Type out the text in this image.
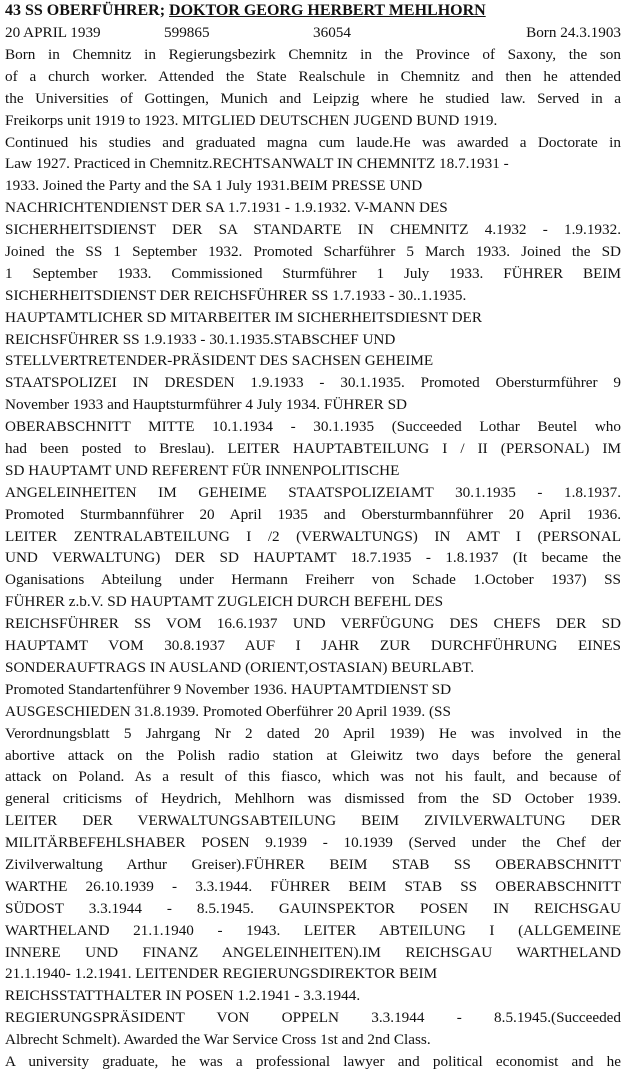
43 SS OBERFÜHRER; DOKTOR GEORG HERBERT MEHLHORN
20 APRIL 1939	599865	36054	Born 24.3.1903
Born in Chemnitz in Regierungsbezirk Chemnitz in the Province of Saxony, the son
of a church worker. Attended the State Realschule in Chemnitz and then he attended
the Universities of Gottingen, Munich and Leipzig where he studied law. Served in a
Freikorps unit 1919 to 1923. MITGLIED DEUTSCHEN JUGEND BUND 1919.
Continued his studies and graduated magna cum laude.He was awarded a Doctorate in
Law 1927. Practiced in Chemnitz.RECHTSANWALT IN CHEMNITZ 18.7.1931 -
1933. Joined the Party and the SA 1 July 1931.BEIM PRESSE UND
NACHRICHTENDIENST DER SA 1.7.1931 - 1.9.1932. V-MANN DES
SICHERHEITSDIENST DER SA STANDARTE IN CHEMNITZ 4.1932 - 1.9.1932.
Joined the SS 1 September 1932. Promoted Scharführer 5 March 1933. Joined the SD
1 September 1933. Commissioned Sturmführer 1 July 1933. FÜHRER BEIM
SICHERHEITSDIENST DER REICHSFÜHRER SS 1.7.1933 - 30..1.1935.
HAUPTAMTLICHER SD MITARBEITER IM SICHERHEITSDIESNT DER
REICHSFÜHRER SS 1.9.1933 - 30.1.1935.STABSCHEF UND
STELLVERTRETENDER-PRÄSIDENT DES SACHSEN GEHEIME
STAATSPOLIZEI IN DRESDEN 1.9.1933 - 30.1.1935. Promoted Obersturmführer 9
November 1933 and Hauptsturmführer 4 July 1934. FÜHRER SD
OBERABSCHNITT MITTE 10.1.1934 - 30.1.1935 (Succeeded Lothar Beutel who
had been posted to Breslau). LEITER HAUPTABTEILUNG I / II (PERSONAL) IM
SD HAUPTAMT UND REFERENT FÜR INNENPOLITISCHE
ANGELEINHEITEN IM GEHEIME STAATSPOLIZEIAMT 30.1.1935 - 1.8.1937.
Promoted Sturmbannführer 20 April 1935 and Obersturmbannführer 20 April 1936.
LEITER ZENTRALABTEILUNG I /2 (VERWALTUNGS) IN AMT I (PERSONAL
UND VERWALTUNG) DER SD HAUPTAMT 18.7.1935 - 1.8.1937 (It became the
Oganisations Abteilung under Hermann Freiherr von Schade 1.October 1937) SS
FÜHRER z.b.V. SD HAUPTAMT ZUGLEICH DURCH BEFEHL DES
REICHSFÜHRER SS VOM 16.6.1937 UND VERFÜGUNG DES CHEFS DER SD
HAUPTAMT VOM 30.8.1937 AUF I JAHR ZUR DURCHFÜHRUNG EINES
SONDERAUFTRAGS IN AUSLAND (ORIENT,OSTASIAN) BEURLABT.
Promoted Standartenführer 9 November 1936. HAUPTAMTDIENST SD
AUSGESCHIEDEN 31.8.1939. Promoted Oberführer 20 April 1939. (SS
Verordnungsblatt 5 Jahrgang Nr 2 dated 20 April 1939) He was involved in the
abortive attack on the Polish radio station at Gleiwitz two days before the general
attack on Poland. As a result of this fiasco, which was not his fault, and because of
general criticisms of Heydrich, Mehlhorn was dismissed from the SD October 1939.
LEITER DER VERWALTUNGSABTEILUNG BEIM ZIVILVERWALTUNG DER
MILITÄRBEFEHLSHABER POSEN 9.1939 - 10.1939 (Served under the Chef der
Zivilverwaltung Arthur Greiser).FÜHRER BEIM STAB SS OBERABSCHNITT
WARTHE 26.10.1939 - 3.3.1944. FÜHRER BEIM STAB SS OBERABSCHNITT
SÜDOST 3.3.1944 - 8.5.1945. GAUINSPEKTOR POSEN IN REICHSGAU
WARTHELAND 21.1.1940 - 1943. LEITER ABTEILUNG I (ALLGEMEINE
INNERE UND FINANZ ANGELEINHEITEN).IM REICHSGAU WARTHELAND
21.1.1940- 1.2.1941. LEITENDER REGIERUNGSDIREKTOR BEIM
REICHSSTATTHALTER IN POSEN 1.2.1941 - 3.3.1944.
REGIERUNGSPRÄSIDENT VON OPPELN 3.3.1944 - 8.5.1945.(Succeeded
Albrecht Schmelt). Awarded the War Service Cross 1st and 2nd Class.
A university graduate, he was a professional lawyer and political economist and he
